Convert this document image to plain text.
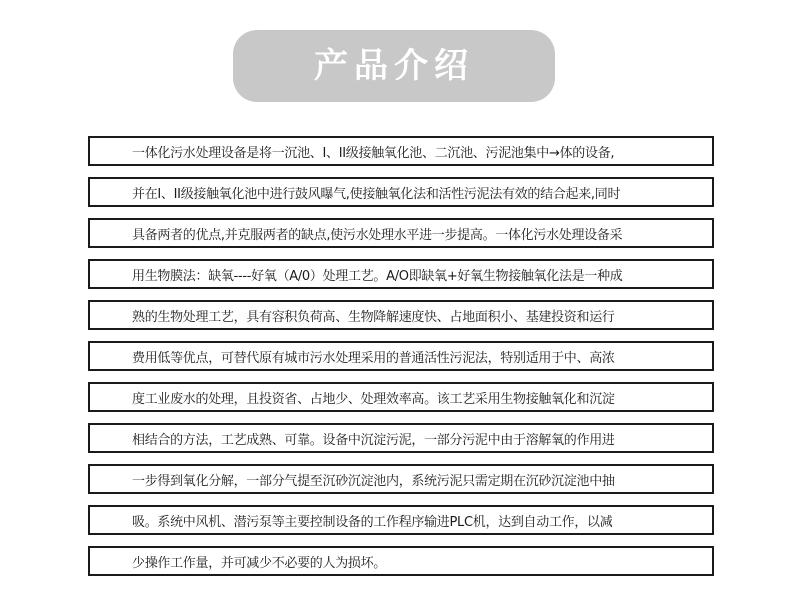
产品介绍
一体化污水处理设备是将一沉池、I、II级接触氧化池、二沉池、污泥池集中→体的设备,
并在I、II级接触氧化池中进行鼓风曝气,使接触氧化法和活性污泥法有效的结合起来,同时
具备两者的优点,并克服两者的缺点,使污水处理水平进一步提高。一体化污水处理设备采
用生物膜法：缺氧----好氧（A/0）处理工艺。A/O即缺氧+好氧生物接触氧化法是一种成
熟的生物处理工艺，具有容积负荷高、生物降解速度快、占地面积小、基建投资和运行
费用低等优点，可替代原有城市污水处理采用的普通活性污泥法，特别适用于中、高浓
度工业废水的处理，且投资省、占地少、处理效率高。该工艺采用生物接触氧化和沉淀
相结合的方法，工艺成熟、可靠。设备中沉淀污泥，一部分污泥中由于溶解氧的作用进
一步得到氧化分解，一部分气提至沉砂沉淀池内，系统污泥只需定期在沉砂沉淀池中抽
吸。系统中风机、潜污泵等主要控制设备的工作程序输进PLC机，达到自动工作，以减
少操作工作量，并可减少不必要的人为损坏。
